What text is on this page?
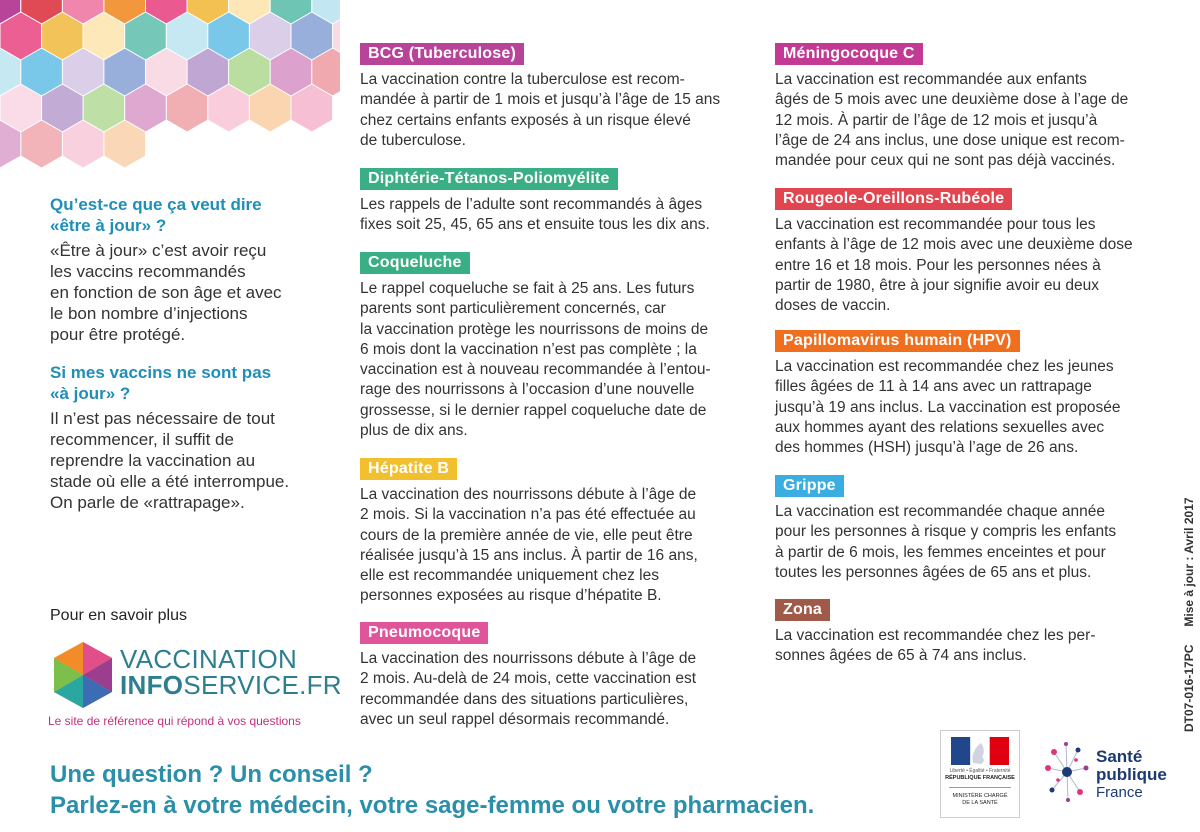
Qu’est-ce que ça veut dire
«être à jour» ?

«Être à jour» c’est avoir reçu
les vaccins recommandés
en fonction de son âge et avec
le bon nombre d’injections
pour être protégé.

Si mes vaccins ne sont pas
«à jour» ?

Il n’est pas nécessaire de tout
recommencer, il suffit de
reprendre la vaccination au
stade où elle a été interrompue.
On parle de «rattrapage».

Pour en savoir plus
VACCINATION
INFOSERVICE.FR
Le site de référence qui répond à vos questions
BCG (Tuberculose)
La vaccination contre la tuberculose est recom-
mandée à partir de 1 mois et jusqu’à l’âge de 15 ans
chez certains enfants exposés à un risque élevé
de tuberculose.
Diphtérie-Tétanos-Poliomyélite
Les rappels de l’adulte sont recommandés à âges
fixes soit 25, 45, 65 ans et ensuite tous les dix ans.
Coqueluche
Le rappel coqueluche se fait à 25 ans. Les futurs
parents sont particulièrement concernés, car
la vaccination protège les nourrissons de moins de
6 mois dont la vaccination n’est pas complète ; la
vaccination est à nouveau recommandée à l’entou-
rage des nourrissons à l’occasion d’une nouvelle
grossesse, si le dernier rappel coqueluche date de
plus de dix ans.
Hépatite B
La vaccination des nourrissons débute à l’âge de
2 mois. Si la vaccination n’a pas été effectuée au
cours de la première année de vie, elle peut être
réalisée jusqu’à 15 ans inclus. À partir de 16 ans,
elle est recommandée uniquement chez les
personnes exposées au risque d’hépatite B.
Pneumocoque
La vaccination des nourrissons débute à l’âge de
2 mois. Au-delà de 24 mois, cette vaccination est
recommandée dans des situations particulières,
avec un seul rappel désormais recommandé.
Méningocoque C
La vaccination est recommandée aux enfants
âgés de 5 mois avec une deuxième dose à l’age de
12 mois. À partir de l’âge de 12 mois et jusqu’à
l’âge de 24 ans inclus, une dose unique est recom-
mandée pour ceux qui ne sont pas déjà vaccinés.
Rougeole-Oreillons-Rubéole
La vaccination est recommandée pour tous les
enfants à l’âge de 12 mois avec une deuxième dose
entre 16 et 18 mois. Pour les personnes nées à
partir de 1980, être à jour signifie avoir eu deux
doses de vaccin.
Papillomavirus humain (HPV)
La vaccination est recommandée chez les jeunes
filles âgées de 11 à 14 ans avec un rattrapage
jusqu’à 19 ans inclus. La vaccination est proposée
aux hommes ayant des relations sexuelles avec
des hommes (HSH) jusqu’à l’age de 26 ans.
Grippe
La vaccination est recommandée chaque année
pour les personnes à risque y compris les enfants
à partir de 6 mois, les femmes enceintes et pour
toutes les personnes âgées de 65 ans et plus.
Zona
La vaccination est recommandée chez les per-
sonnes âgées de 65 à 74 ans inclus.
Une question ? Un conseil ?
Parlez-en à votre médecin, votre sage-femme ou votre pharmacien.
Liberté • Égalité • Fraternité
RÉPUBLIQUE FRANÇAISE
MINISTÈRE CHARGÉ
DE LA SANTÉ
Santé
publique
France
DT07-016-17PCMise à jour : Avril 2017
